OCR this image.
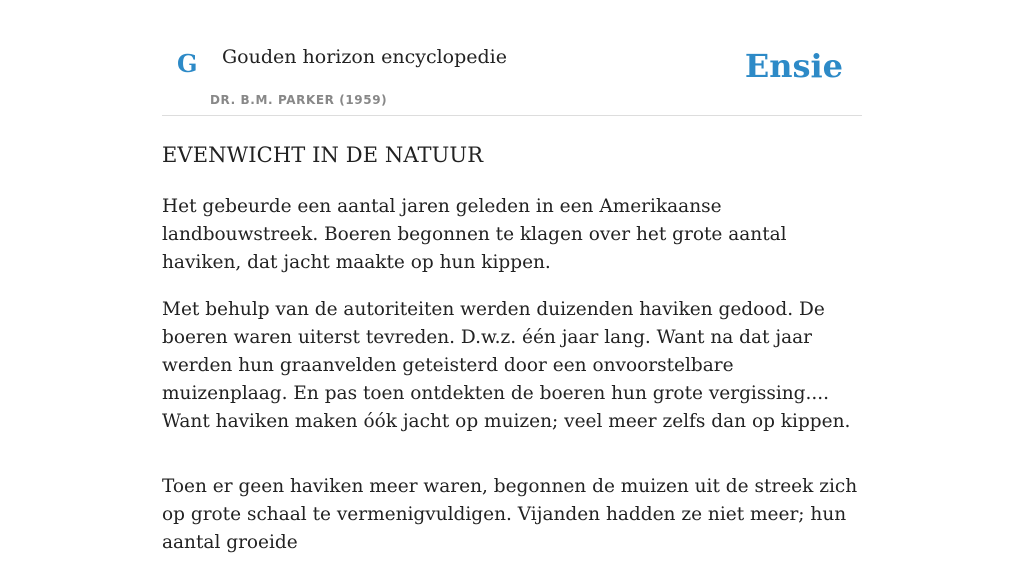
G Gouden horizon encyclopedie
DR. B.M. PARKER (1959)
Ensie
EVENWICHT IN DE NATUUR

Het gebeurde een aantal jaren geleden in een Amerikaanse landbouwstreek. Boeren begonnen te klagen over het grote aantal haviken, dat jacht maakte op hun kippen.

Met behulp van de autoriteiten werden duizenden haviken gedood. De boeren waren uiterst tevreden. D.w.z. één jaar lang. Want na dat jaar werden hun graanvelden geteisterd door een onvoorstelbare muizenplaag. En pas toen ontdekten de boeren hun grote vergissing.... Want haviken maken óók jacht op muizen; veel meer zelfs dan op kippen.

Toen er geen haviken meer waren, begonnen de muizen uit de streek zich op grote schaal te vermenigvuldigen. Vijanden hadden ze niet meer; hun aantal groeide
